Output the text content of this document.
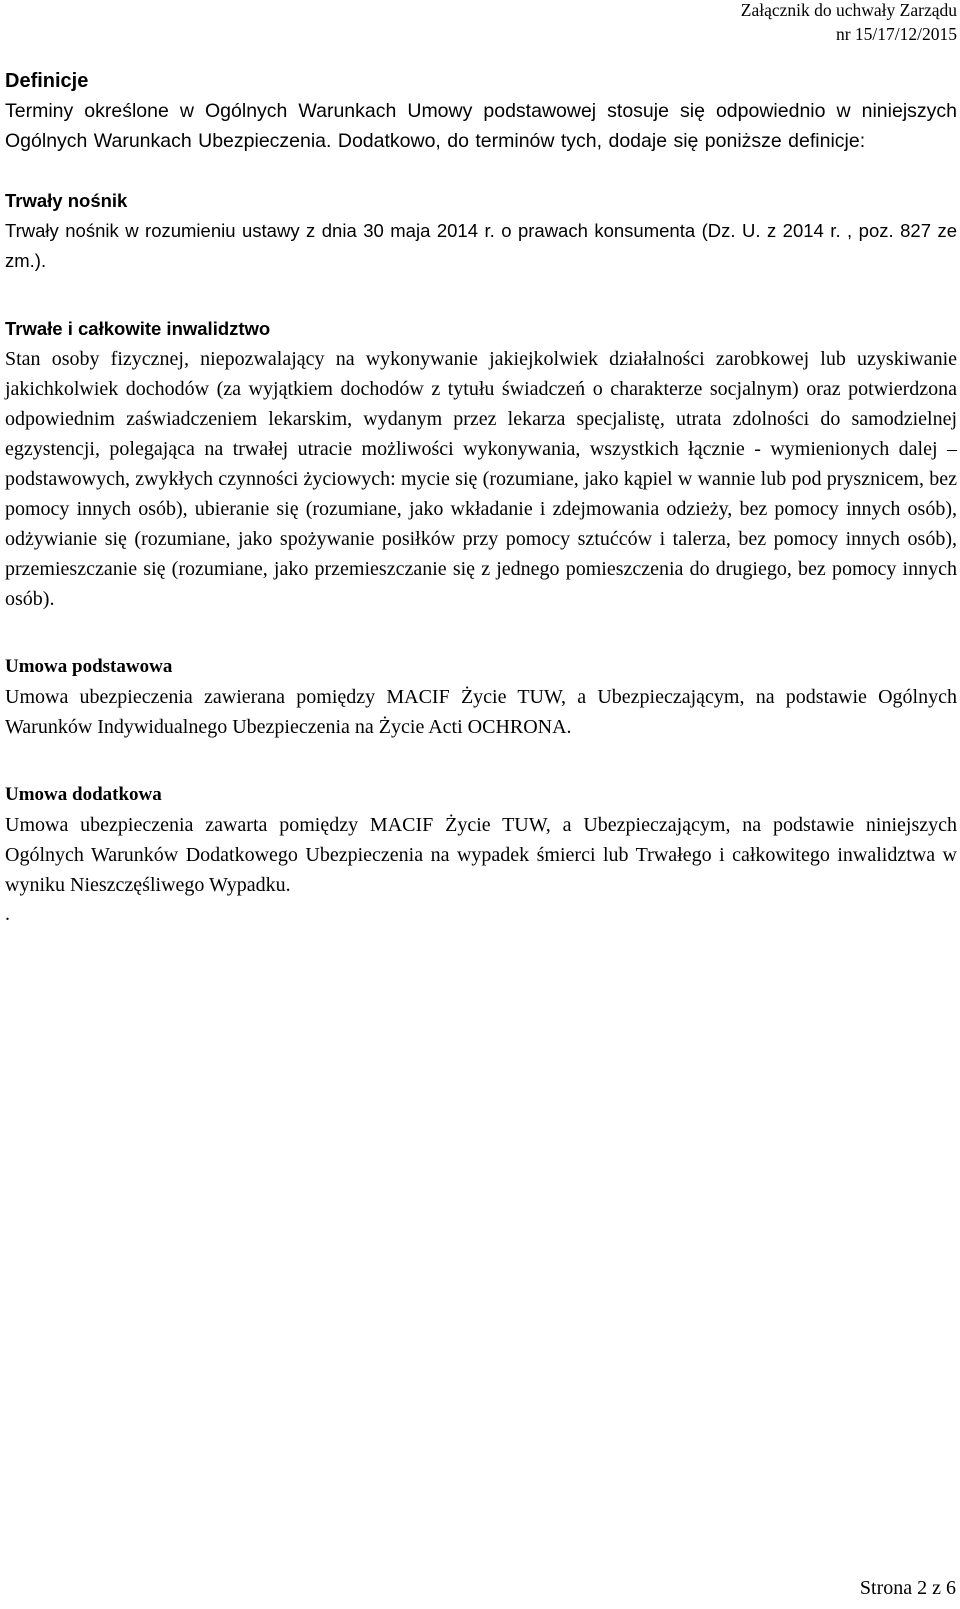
Załącznik do uchwały Zarządu
nr 15/17/12/2015
Definicje

Terminy określone w Ogólnych Warunkach Umowy podstawowej stosuje się odpowiednio w niniejszych Ogólnych Warunkach Ubezpieczenia. Dodatkowo, do terminów tych, dodaje się poniższe definicje:

Trwały nośnik

Trwały nośnik w rozumieniu ustawy z dnia 30 maja 2014 r. o prawach konsumenta (Dz. U. z 2014 r. , poz. 827 ze zm.).

Trwałe i całkowite inwalidztwo

Stan osoby fizycznej, niepozwalający na wykonywanie jakiejkolwiek działalności zarobkowej lub uzyskiwanie jakichkolwiek dochodów (za wyjątkiem dochodów z tytułu świadczeń o charakterze socjalnym) oraz potwierdzona odpowiednim zaświadczeniem lekarskim, wydanym przez lekarza specjalistę, utrata zdolności do samodzielnej egzystencji, polegająca na trwałej utracie możliwości wykonywania, wszystkich łącznie - wymienionych dalej – podstawowych, zwykłych czynności życiowych: mycie się (rozumiane, jako kąpiel w wannie lub pod prysznicem, bez pomocy innych osób), ubieranie się (rozumiane, jako wkładanie i zdejmowania odzieży, bez pomocy innych osób), odżywianie się (rozumiane, jako spożywanie posiłków przy pomocy sztućców i talerza, bez pomocy innych osób), przemieszczanie się (rozumiane, jako przemieszczanie się z jednego pomieszczenia do drugiego, bez pomocy innych osób).

Umowa podstawowa

Umowa ubezpieczenia zawierana pomiędzy MACIF Życie TUW, a Ubezpieczającym, na podstawie Ogólnych Warunków Indywidualnego Ubezpieczenia na Życie Acti OCHRONA.

Umowa dodatkowa

Umowa ubezpieczenia zawarta pomiędzy MACIF Życie TUW, a Ubezpieczającym, na podstawie niniejszych Ogólnych Warunków Dodatkowego Ubezpieczenia na wypadek śmierci lub Trwałego i całkowitego inwalidztwa w wyniku Nieszczęśliwego Wypadku.

.

Strona 2 z 6
